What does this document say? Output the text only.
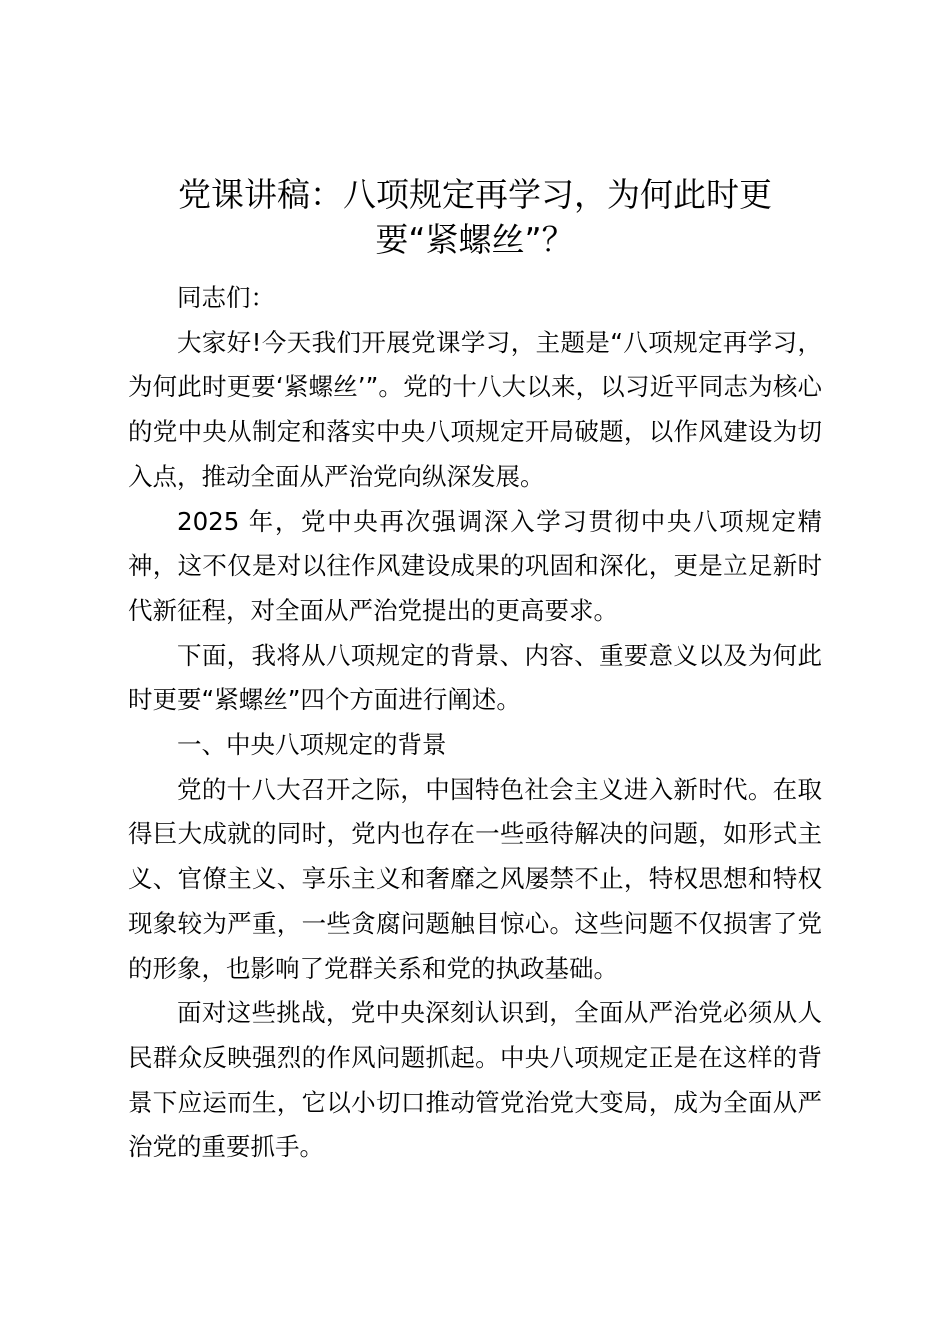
党课讲稿：八项规定再学习，为何此时更
要“紧螺丝”？

同志们：

大家好!今天我们开展党课学习，主题是“八项规定再学习，为何此时更要‘紧螺丝’”。党的十八大以来，以习近平同志为核心的党中央从制定和落实中央八项规定开局破题，以作风建设为切入点，推动全面从严治党向纵深发展。

2025 年，党中央再次强调深入学习贯彻中央八项规定精神，这不仅是对以往作风建设成果的巩固和深化，更是立足新时代新征程，对全面从严治党提出的更高要求。

下面，我将从八项规定的背景、内容、重要意义以及为何此时更要“紧螺丝”四个方面进行阐述。

一、中央八项规定的背景

党的十八大召开之际，中国特色社会主义进入新时代。在取得巨大成就的同时，党内也存在一些亟待解决的问题，如形式主义、官僚主义、享乐主义和奢靡之风屡禁不止，特权思想和特权现象较为严重，一些贪腐问题触目惊心。这些问题不仅损害了党的形象，也影响了党群关系和党的执政基础。

面对这些挑战，党中央深刻认识到，全面从严治党必须从人民群众反映强烈的作风问题抓起。中央八项规定正是在这样的背景下应运而生，它以小切口推动管党治党大变局，成为全面从严治党的重要抓手。
